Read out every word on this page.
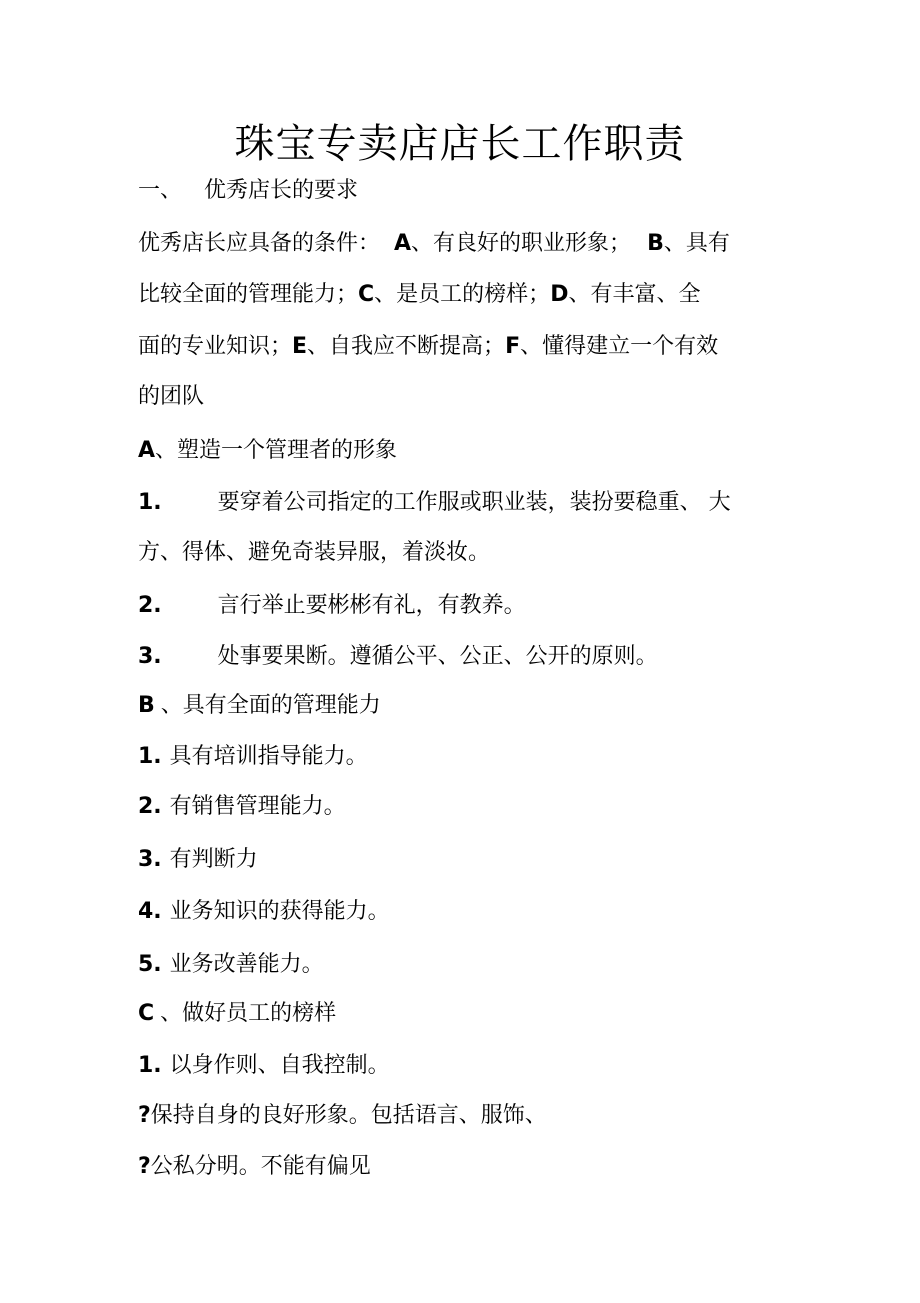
珠宝专卖店店长工作职责
一、 优秀店长的要求
优秀店长应具备的条件： A、有良好的职业形象； B、具有
比较全面的管理能力；C、是员工的榜样；D、有丰富、全
面的专业知识；E、自我应不断提高；F、懂得建立一个有效
的团队
A、塑造一个管理者的形象
1.	要穿着公司指定的工作服或职业装，装扮要稳重、 大
方、得体、避免奇装异服，着淡妆。
2.	言行举止要彬彬有礼，有教养。
3.	处事要果断。遵循公平、公正、公开的原则。
B 、具有全面的管理能力
1. 具有培训指导能力。
2. 有销售管理能力。
3. 有判断力
4. 业务知识的获得能力。
5. 业务改善能力。
C 、做好员工的榜样
1. 以身作则、自我控制。
?保持自身的良好形象。包括语言、服饰、
?公私分明。不能有偏见
